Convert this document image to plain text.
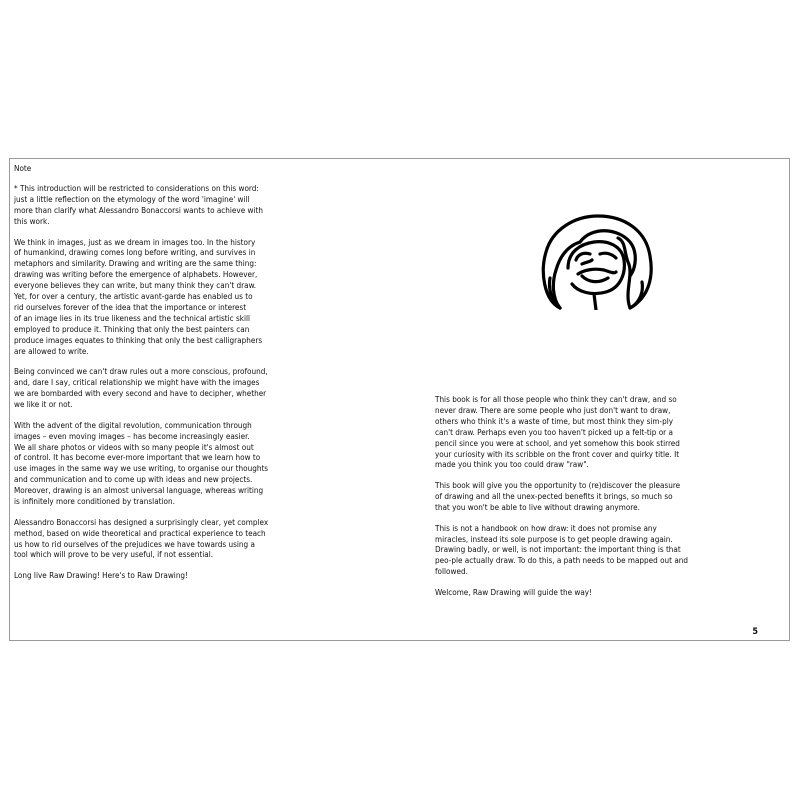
Note

* This introduction will be restricted to considerations on this word:
just a little reflection on the etymology of the word 'imagine' will
more than clarify what Alessandro Bonaccorsi wants to achieve with
this work.

We think in images, just as we dream in images too. In the history
of humankind, drawing comes long before writing, and survives in
metaphors and similarity. Drawing and writing are the same thing:
drawing was writing before the emergence of alphabets. However,
everyone believes they can write, but many think they can't draw.
Yet, for over a century, the artistic avant-garde has enabled us to
rid ourselves forever of the idea that the importance or interest
of an image lies in its true likeness and the technical artistic skill
employed to produce it. Thinking that only the best painters can
produce images equates to thinking that only the best calligraphers
are allowed to write.

Being convinced we can't draw rules out a more conscious, profound,
and, dare I say, critical relationship we might have with the images
we are bombarded with every second and have to decipher, whether
we like it or not.

With the advent of the digital revolution, communication through
images – even moving images – has become increasingly easier.
We all share photos or videos with so many people it's almost out
of control. It has become ever-more important that we learn how to
use images in the same way we use writing, to organise our thoughts
and communication and to come up with ideas and new projects.
Moreover, drawing is an almost universal language, whereas writing
is infinitely more conditioned by translation.

Alessandro Bonaccorsi has designed a surprisingly clear, yet complex
method, based on wide theoretical and practical experience to teach
us how to rid ourselves of the prejudices we have towards using a
tool which will prove to be very useful, if not essential.

Long live Raw Drawing! Here's to Raw Drawing!

This book is for all those people who think they can't draw, and so
never draw. There are some people who just don't want to draw,
others who think it's a waste of time, but most think they sim-ply
can't draw. Perhaps even you too haven't picked up a felt-tip or a
pencil since you were at school, and yet somehow this book stirred
your curiosity with its scribble on the front cover and quirky title. It
made you think you too could draw "raw".

This book will give you the opportunity to (re)discover the pleasure
of drawing and all the unex-pected benefits it brings, so much so
that you won't be able to live without drawing anymore.

This is not a handbook on how draw: it does not promise any
miracles, instead its sole purpose is to get people drawing again.
Drawing badly, or well, is not important: the important thing is that
peo-ple actually draw. To do this, a path needs to be mapped out and
followed.

Welcome, Raw Drawing will guide the way!

5
